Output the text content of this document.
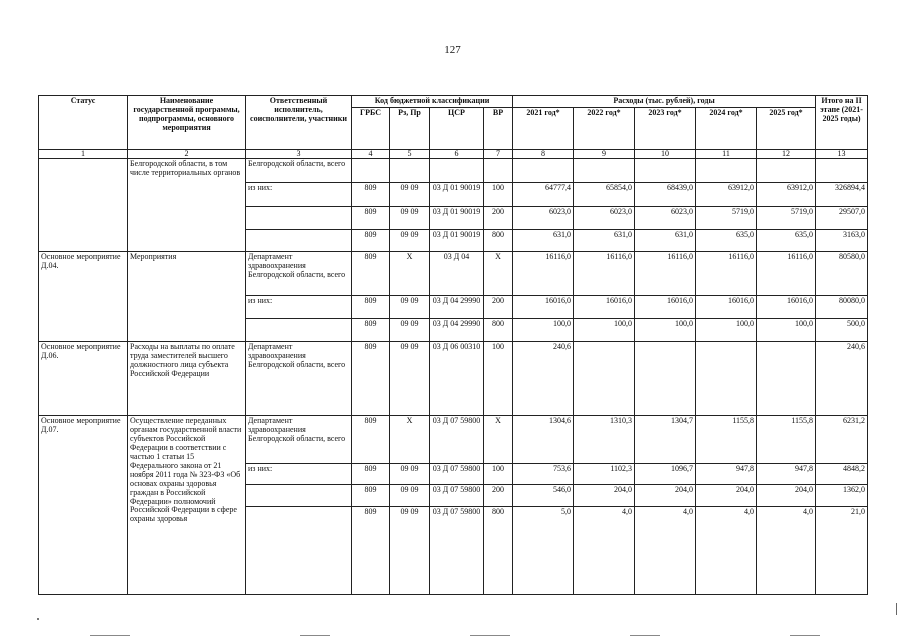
127
Статус	Наименование государственной программы, подпрограммы, основного мероприятия	Ответственный исполнитель, соисполнители, участники	Код бюджетной классификации				Расходы (тыс. рублей), годы					Итого на II этапе (2021-2025 годы)
			ГРБС	Рз, Пр	ЦСР	ВР	2021 год*	2022 год*	2023 год*	2024 год*	2025 год*	
1	2	3	4	5	6	7	8	9	10	11	12	13
	Белгородской области, в том числе территориальных органов	Белгородской области, всего										
		из них:	809	09 09	03 Д 01 90019	100	64777,4	65854,0	68439,0	63912,0	63912,0	326894,4
			809	09 09	03 Д 01 90019	200	6023,0	6023,0	6023,0	5719,0	5719,0	29507,0
			809	09 09	03 Д 01 90019	800	631,0	631,0	631,0	635,0	635,0	3163,0
Основное мероприятие Д.04.	Мероприятия	Департамент здравоохранения Белгородской области, всего	809	Х	03 Д 04	Х	16116,0	16116,0	16116,0	16116,0	16116,0	80580,0
		из них:	809	09 09	03 Д 04 29990	200	16016,0	16016,0	16016,0	16016,0	16016,0	80080,0
			809	09 09	03 Д 04 29990	800	100,0	100,0	100,0	100,0	100,0	500,0
Основное мероприятие Д.06.	Расходы на выплаты по оплате труда заместителей высшего должностного лица субъекта Российской Федерации	Департамент здравоохранения Белгородской области, всего	809	09 09	03 Д 06 00310	100	240,6					240,6
Основное мероприятие Д.07.	Осуществление переданных органам государственной власти субъектов Российской Федерации в соответствии с частью 1 статьи 15 Федерального закона от 21 ноября 2011 года № 323-ФЗ «Об основах охраны здоровья граждан в Российской Федерации» полномочий Российской Федерации в сфере охраны здоровья	Департамент здравоохранения Белгородской области, всего	809	Х	03 Д 07 59800	Х	1304,6	1310,3	1304,7	1155,8	1155,8	6231,2
		из них:	809	09 09	03 Д 07 59800	100	753,6	1102,3	1096,7	947,8	947,8	4848,2
			809	09 09	03 Д 07 59800	200	546,0	204,0	204,0	204,0	204,0	1362,0
			809	09 09	03 Д 07 59800	800	5,0	4,0	4,0	4,0	4,0	21,0
